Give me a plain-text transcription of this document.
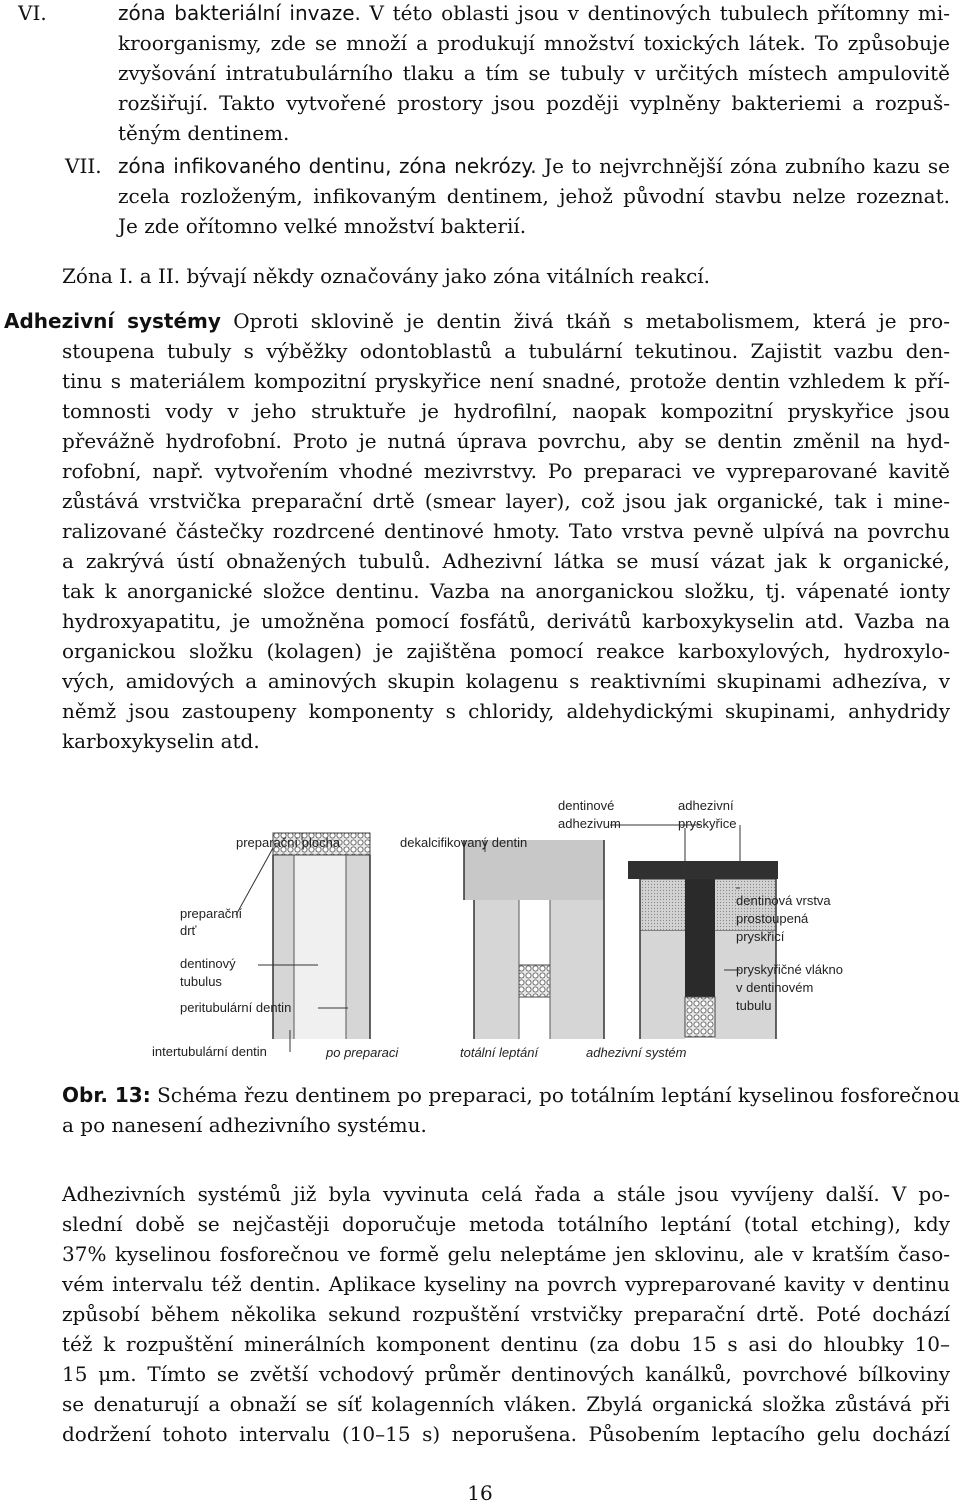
VI.	zóna bakteriální invaze. V této oblasti jsou v dentinových tubulech přítomny mi-
kroorganismy, zde se množí a produkují množství toxických látek. To způsobuje
zvyšování intratubulárního tlaku a tím se tubuly v určitých místech ampulovitě
rozšiřují. Takto vytvořené prostory jsou později vyplněny bakteriemi a rozpuš-
těným dentinem.
VII. zóna infikovaného dentinu, zóna nekrózy. Je to nejvrchnější zóna zubního kazu se
zcela rozloženým, infikovaným dentinem, jehož původní stavbu nelze rozeznat.
Je zde ořítomno velké množství bakterií.
Zóna I. a II. bývají někdy označovány jako zóna vitálních reakcí.
Adhezivní systémy Oproti sklovině je dentin živá tkáň s metabolismem, která je pro-
stoupena tubuly s výběžky odontoblastů a tubulární tekutinou. Zajistit vazbu den-
tinu s materiálem kompozitní pryskyřice není snadné, protože dentin vzhledem k pří-
tomnosti vody v jeho struktuře je hydrofilní, naopak kompozitní pryskyřice jsou
převážně hydrofobní. Proto je nutná úprava povrchu, aby se dentin změnil na hyd-
rofobní, např. vytvořením vhodné mezivrstvy. Po preparaci ve vypreparované kavitě
zůstává vrstvička preparační drtě (smear layer), což jsou jak organické, tak i mine-
ralizované částečky rozdrcené dentinové hmoty. Tato vrstva pevně ulpívá na povrchu
a zakrývá ústí obnažených tubulů. Adhezivní látka se musí vázat jak k organické,
tak k anorganické složce dentinu. Vazba na anorganickou složku, tj. vápenaté ionty
hydroxyapatitu, je umožněna pomocí fosfátů, derivátů karboxykyselin atd. Vazba na
organickou složku (kolagen) je zajištěna pomocí reakce karboxylových, hydroxylo-
vých, amidových a aminových skupin kolagenu s reaktivními skupinami adhezíva, v
němž jsou zastoupeny komponenty s chloridy, aldehydickými skupinami, anhydridy
karboxykyselin atd.
preparační plocha	dekalcifikovaný dentin
dentinové
adhezivum
adhezivní
pryskyřice
preparační
drť
dentinový
tubulus
peritubulární dentin
intertubulární dentin
dentinová vrstva
prostoupená
pryskřicí
pryskyřičné vlákno
v dentinovém
tubulu
po preparaci	totální leptání	adhezivní systém
Obr. 13: Schéma řezu dentinem po preparaci, po totálním leptání kyselinou fosforečnou
a po nanesení adhezivního systému.
Adhezivních systémů již byla vyvinuta celá řada a stále jsou vyvíjeny další. V po-
slední době se nejčastěji doporučuje metoda totálního leptání (total etching), kdy
37% kyselinou fosforečnou ve formě gelu neleptáme jen sklovinu, ale v kratším časo-
vém intervalu též dentin. Aplikace kyseliny na povrch vypreparované kavity v dentinu
způsobí během několika sekund rozpuštění vrstvičky preparační drtě. Poté dochází
též k rozpuštění minerálních komponent dentinu (za dobu 15 s asi do hloubky 10–
15 μm. Tímto se zvětší vchodový průměr dentinových kanálků, povrchové bílkoviny
se denaturují a obnaží se síť kolagenních vláken. Zbylá organická složka zůstává při
dodržení tohoto intervalu (10–15 s) neporušena. Působením leptacího gelu dochází
16
